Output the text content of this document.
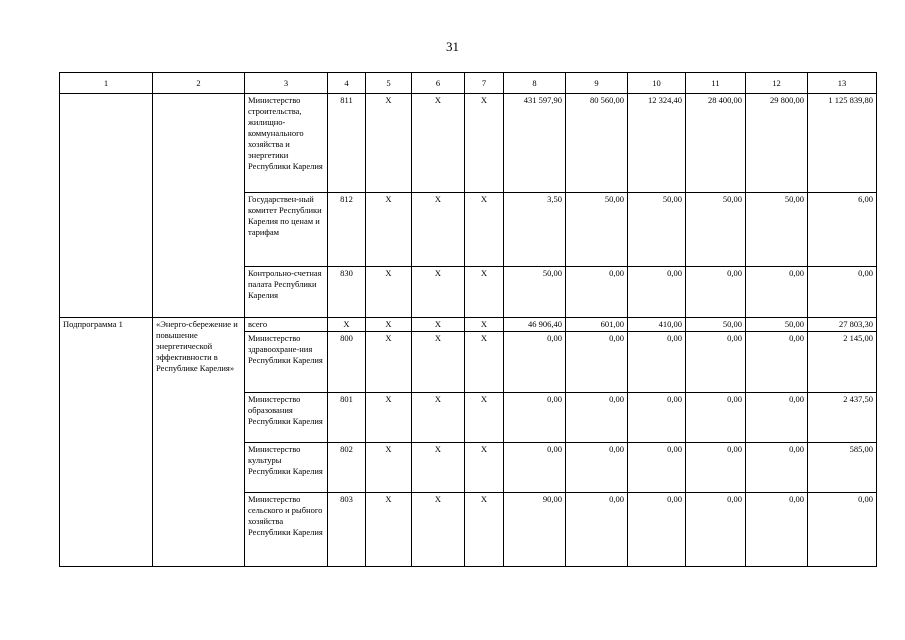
31
1	2	3	4	5	6	7	8	9	10	11	12	13
		Министерство строительства, жилищно-коммунального хозяйства и энергетики Республики Карелия	811	Х	Х	Х	431 597,90	80 560,00	12 324,40	28 400,00	29 800,00	1 125 839,80
		Государствен-ный комитет Республики Карелия по ценам и тарифам	812	Х	Х	Х	3,50	50,00	50,00	50,00	50,00	6,00
		Контрольно-счетная палата Республики Карелия	830	Х	Х	Х	50,00	0,00	0,00	0,00	0,00	0,00
Подпрограмма 1	«Энерго-сбережение и повышение энергетической эффективности в Республике Карелия»	всего	Х	Х	Х	Х	46 906,40	601,00	410,00	50,00	50,00	27 803,30
		Министерство здравоохране-ния Республики Карелия	800	Х	Х	Х	0,00	0,00	0,00	0,00	0,00	2 145,00
		Министерство образования Республики Карелия	801	Х	Х	Х	0,00	0,00	0,00	0,00	0,00	2 437,50
		Министерство культуры Республики Карелия	802	Х	Х	Х	0,00	0,00	0,00	0,00	0,00	585,00
		Министерство сельского и рыбного хозяйства Республики Карелия	803	Х	Х	Х	90,00	0,00	0,00	0,00	0,00	0,00
